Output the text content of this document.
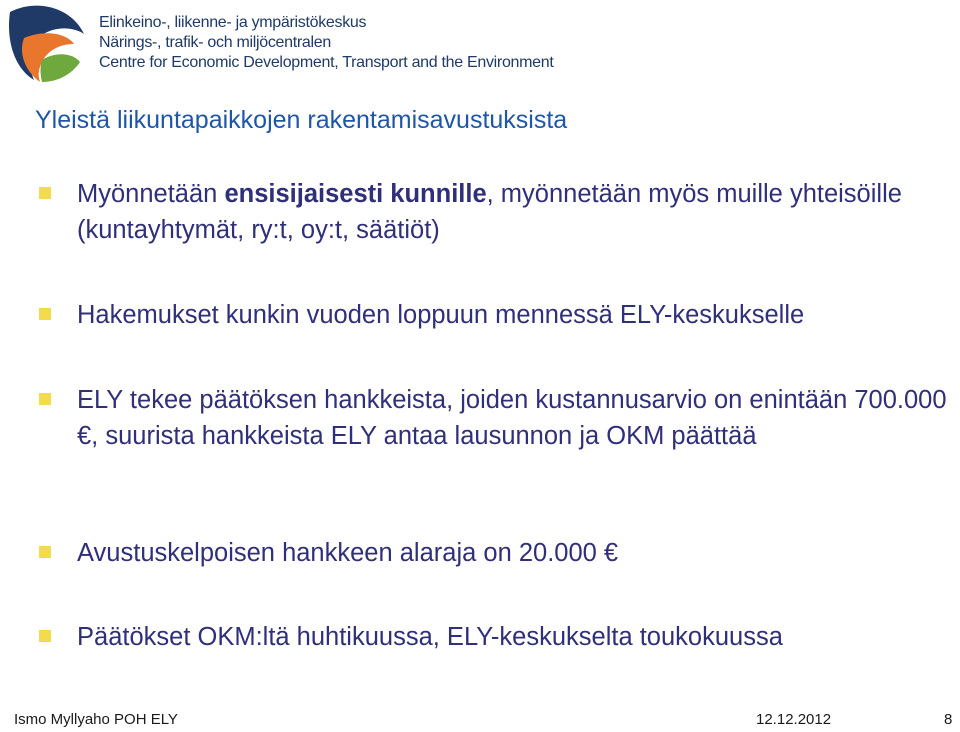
Elinkeino-, liikenne- ja ympäristökeskus
Närings-, trafik- och miljöcentralen
Centre for Economic Development, Transport and the Environment
Yleistä liikuntapaikkojen rakentamisavustuksista
Myönnetään ensisijaisesti kunnille, myönnetään myös muille yhteisöille (kuntayhtymät, ry:t, oy:t, säätiöt)
Hakemukset kunkin vuoden loppuun mennessä ELY-keskukselle
ELY tekee päätöksen hankkeista, joiden kustannusarvio on enintään 700.000 €, suurista hankkeista ELY antaa lausunnon ja OKM päättää
Avustuskelpoisen hankkeen alaraja on 20.000 €
Päätökset OKM:ltä huhtikuussa, ELY-keskukselta toukokuussa
Ismo Myllyaho POH ELY	12.12.2012	8
